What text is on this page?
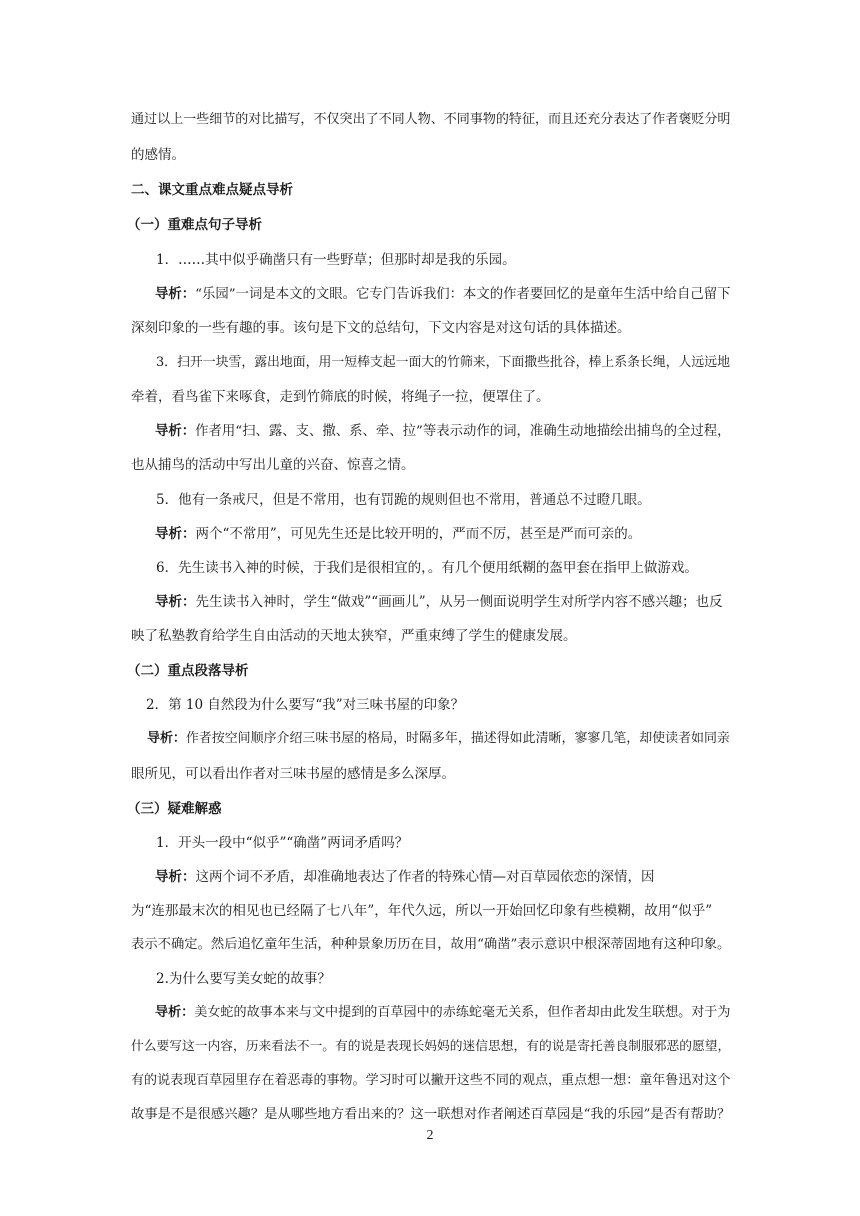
通过以上一些细节的对比描写，不仅突出了不同人物、不同事物的特征，而且还充分表达了作者褒贬分明
的感情。
二、课文重点难点疑点导析
（一）重难点句子导析
1．……其中似乎确凿只有一些野草；但那时却是我的乐园。
导析：“乐园”一词是本文的文眼。它专门告诉我们：本文的作者要回忆的是童年生活中给自己留下
深刻印象的一些有趣的事。该句是下文的总结句，下文内容是对这句话的具体描述。
3．扫开一块雪，露出地面，用一短棒支起一面大的竹筛来，下面撒些批谷，棒上系条长绳，人远远地
牵着，看鸟雀下来啄食，走到竹筛底的时候，将绳子一拉，便罩住了。
导析：作者用“扫、露、支、撒、系、牵、拉”等表示动作的词，准确生动地描绘出捕鸟的全过程，
也从捕鸟的活动中写出儿童的兴奋、惊喜之情。
5．他有一条戒尺，但是不常用，也有罚跪的规则但也不常用，普通总不过瞪几眼。
导析：两个“不常用”，可见先生还是比较开明的，严而不厉，甚至是严而可亲的。
6．先生读书入神的时候，于我们是很相宜的，。有几个便用纸糊的盔甲套在指甲上做游戏。
导析：先生读书入神时，学生“做戏”“画画儿”，从另一侧面说明学生对所学内容不感兴趣；也反
映了私塾教育给学生自由活动的天地太狭窄，严重束缚了学生的健康发展。
（二）重点段落导析
2．第 10 自然段为什么要写“我”对三味书屋的印象？
导析：作者按空间顺序介绍三味书屋的格局，时隔多年，描述得如此清晰，寥寥几笔，却使读者如同亲
眼所见，可以看出作者对三味书屋的感情是多么深厚。
（三）疑难解惑
1．开头一段中“似乎”“确凿”两词矛盾吗？
导析：这两个词不矛盾，却准确地表达了作者的特殊心情—对百草园依恋的深情，因
为“连那最末次的相见也已经隔了七八年”，年代久远，所以一开始回忆印象有些模糊，故用“似乎”
表示不确定。然后追忆童年生活，种种景象历历在目，故用“确凿”表示意识中根深蒂固地有这种印象。
2.为什么要写美女蛇的故事？
导析：美女蛇的故事本来与文中提到的百草园中的赤练蛇毫无关系，但作者却由此发生联想。对于为
什么要写这一内容，历来看法不一。有的说是表现长妈妈的迷信思想，有的说是寄托善良制服邪恶的愿望，
有的说表现百草园里存在着恶毒的事物。学习时可以撇开这些不同的观点，重点想一想：童年鲁迅对这个
故事是不是很感兴趣？是从哪些地方看出来的？这一联想对作者阐述百草园是“我的乐园”是否有帮助？
2
